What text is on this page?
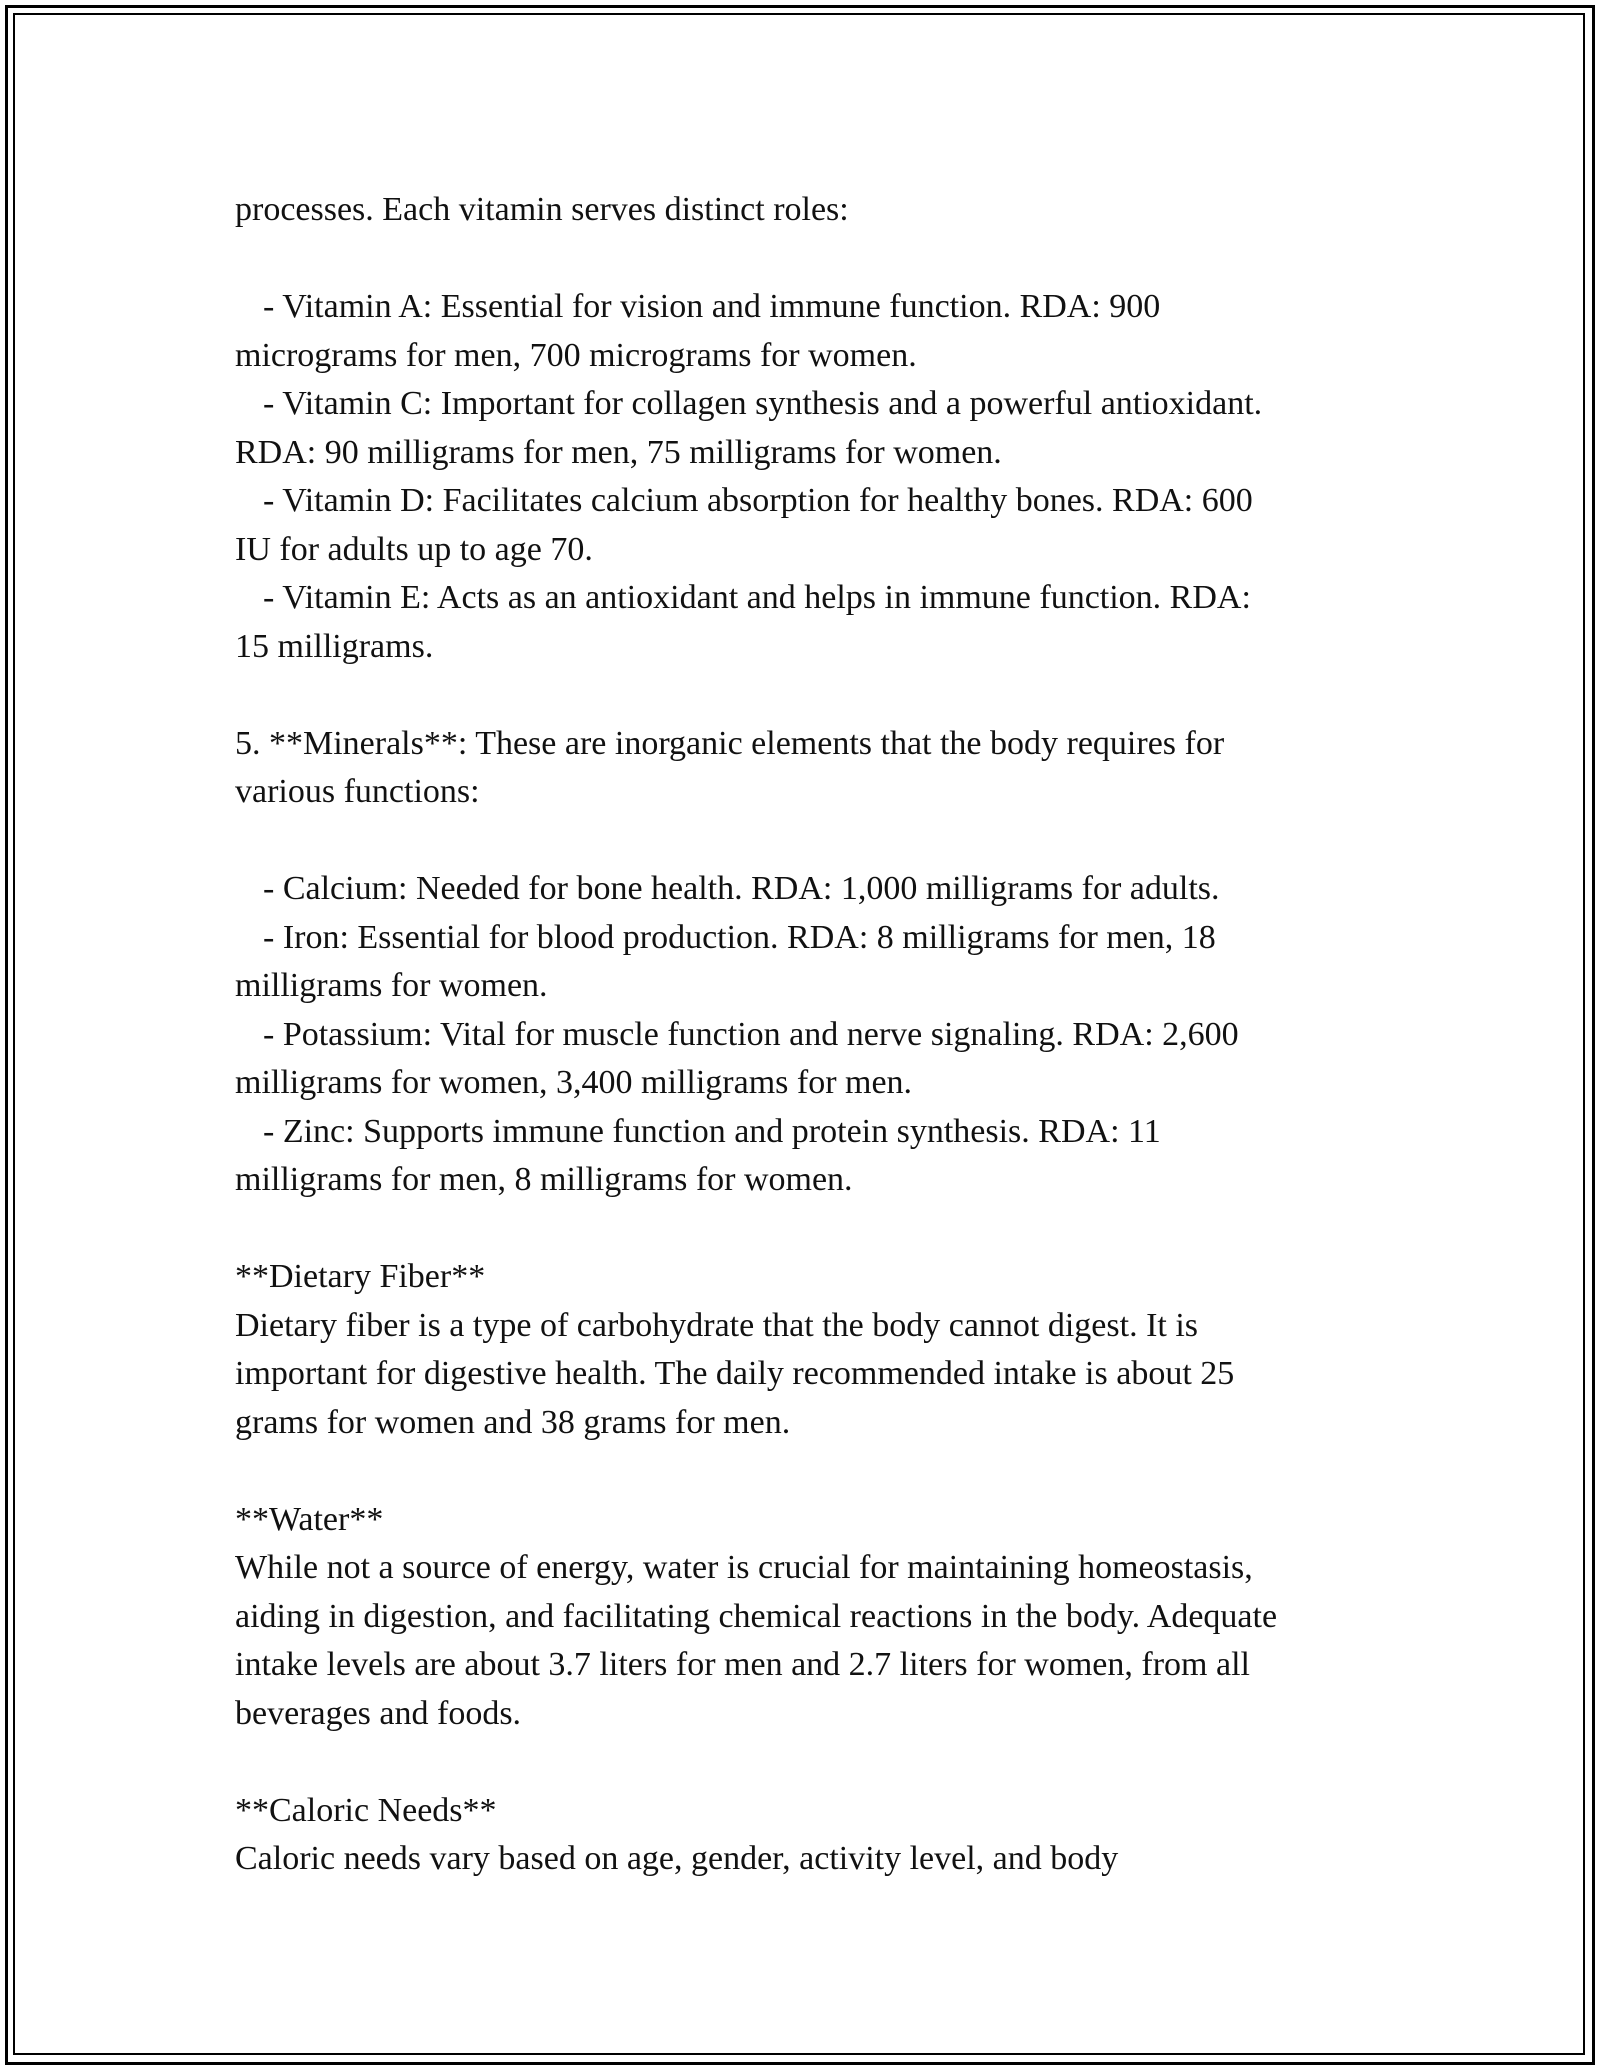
processes. Each vitamin serves distinct roles:

- Vitamin A: Essential for vision and immune function. RDA: 900
micrograms for men, 700 micrograms for women.
- Vitamin C: Important for collagen synthesis and a powerful antioxidant.
RDA: 90 milligrams for men, 75 milligrams for women.
- Vitamin D: Facilitates calcium absorption for healthy bones. RDA: 600
IU for adults up to age 70.
- Vitamin E: Acts as an antioxidant and helps in immune function. RDA:
15 milligrams.
5. **Minerals**: These are inorganic elements that the body requires for
various functions:
- Calcium: Needed for bone health. RDA: 1,000 milligrams for adults.
- Iron: Essential for blood production. RDA: 8 milligrams for men, 18
milligrams for women.
- Potassium: Vital for muscle function and nerve signaling. RDA: 2,600
milligrams for women, 3,400 milligrams for men.
- Zinc: Supports immune function and protein synthesis. RDA: 11
milligrams for men, 8 milligrams for women.
**Dietary Fiber**
Dietary fiber is a type of carbohydrate that the body cannot digest. It is
important for digestive health. The daily recommended intake is about 25
grams for women and 38 grams for men.
**Water**
While not a source of energy, water is crucial for maintaining homeostasis,
aiding in digestion, and facilitating chemical reactions in the body. Adequate
intake levels are about 3.7 liters for men and 2.7 liters for women, from all
beverages and foods.
**Caloric Needs**
Caloric needs vary based on age, gender, activity level, and body
